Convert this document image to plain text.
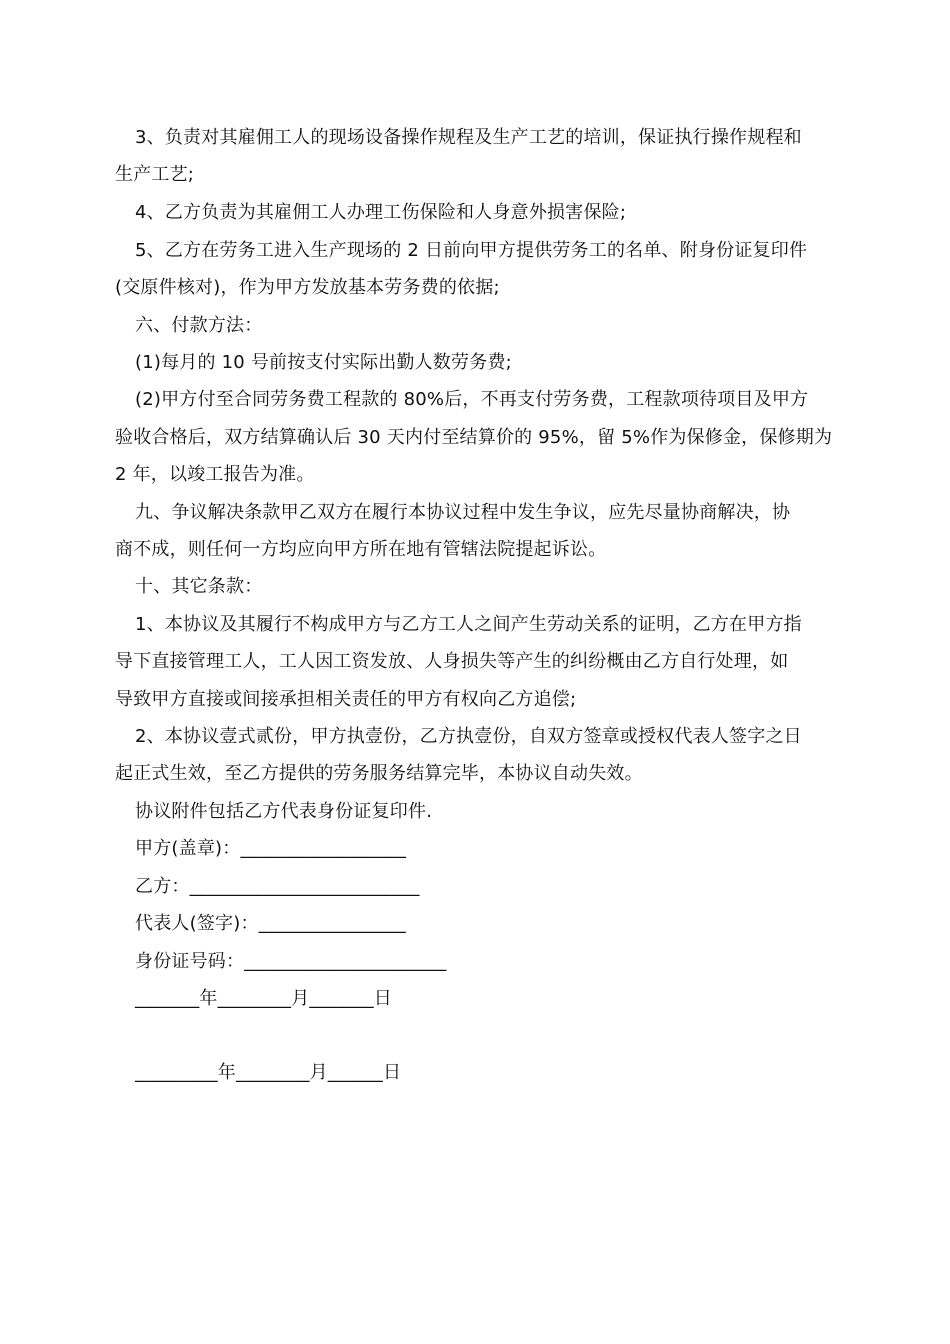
3、负责对其雇佣工人的现场设备操作规程及生产工艺的培训，保证执行操作规程和
生产工艺;
4、乙方负责为其雇佣工人办理工伤保险和人身意外损害保险;
5、乙方在劳务工进入生产现场的 2 日前向甲方提供劳务工的名单、附身份证复印件
(交原件核对)，作为甲方发放基本劳务费的依据;
六、付款方法：
(1)每月的 10 号前按支付实际出勤人数劳务费;
(2)甲方付至合同劳务费工程款的 80%后，不再支付劳务费，工程款项待项目及甲方
验收合格后，双方结算确认后 30 天内付至结算价的 95%，留 5%作为保修金，保修期为
2 年，以竣工报告为准。
九、争议解决条款甲乙双方在履行本协议过程中发生争议，应先尽量协商解决，协
商不成，则任何一方均应向甲方所在地有管辖法院提起诉讼。
十、其它条款：
1、本协议及其履行不构成甲方与乙方工人之间产生劳动关系的证明，乙方在甲方指
导下直接管理工人，工人因工资发放、人身损失等产生的纠纷概由乙方自行处理，如
导致甲方直接或间接承担相关责任的甲方有权向乙方追偿;
2、本协议壹式贰份，甲方执壹份，乙方执壹份，自双方签章或授权代表人签字之日
起正式生效，至乙方提供的劳务服务结算完毕，本协议自动失效。
协议附件包括乙方代表身份证复印件.
甲方(盖章)：__________________
乙方：_________________________
代表人(签字)：________________
身份证号码：______________________
_______年________月_______日
_________年________月______日
